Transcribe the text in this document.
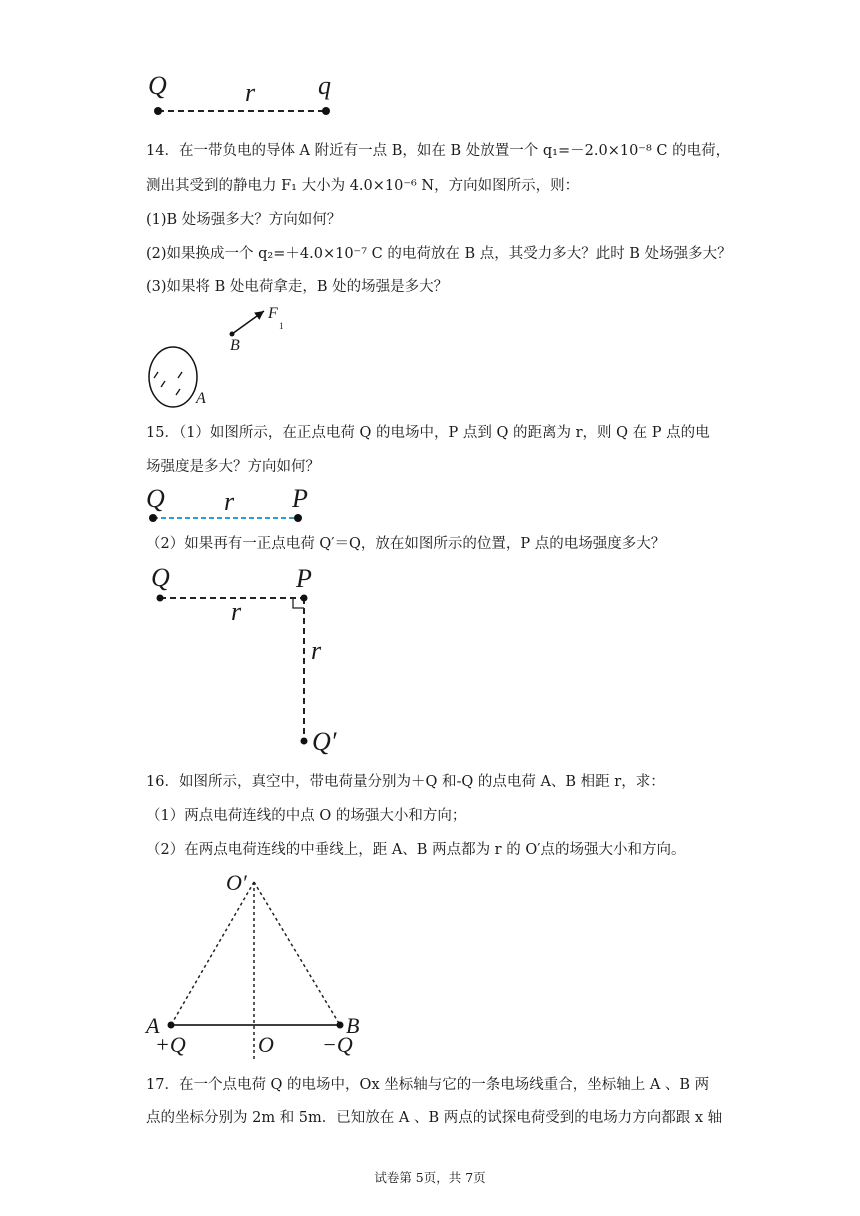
Q	r q
14．在一带负电的导体 A 附近有一点 B，如在 B 处放置一个 q₁=－2.0×10⁻⁸ C 的电荷，
测出其受到的静电力 F₁ 大小为 4.0×10⁻⁶ N，方向如图所示，则：
(1)B 处场强多大？方向如何？
(2)如果换成一个 q₂=＋4.0×10⁻⁷ C 的电荷放在 B 点，其受力多大？此时 B 处场强多大？
(3)如果将 B 处电荷拿走，B 处的场强是多大？
F
1
B
A
15．（1）如图所示，在正点电荷 Q 的电场中，P 点到 Q 的距离为 r，则 Q 在 P 点的电
场强度是多大？方向如何？
Q r P
（2）如果再有一正点电荷 Q′＝Q，放在如图所示的位置，P 点的电场强度多大？
Q	P
r
r
Q′
16．如图所示，真空中，带电荷量分别为＋Q 和-Q 的点电荷 A、B 相距 r，求：
（1）两点电荷连线的中点 O 的场强大小和方向；
（2）在两点电荷连线的中垂线上，距 A、B 两点都为 r 的 O′点的场强大小和方向。
O′
A	B
+Q	O −Q
17．在一个点电荷 Q 的电场中，Ox 坐标轴与它的一条电场线重合，坐标轴上 A 、B 两
点的坐标分别为 2m 和 5m．已知放在 A 、B 两点的试探电荷受到的电场力方向都跟 x 轴
试卷第 5页，共 7页
